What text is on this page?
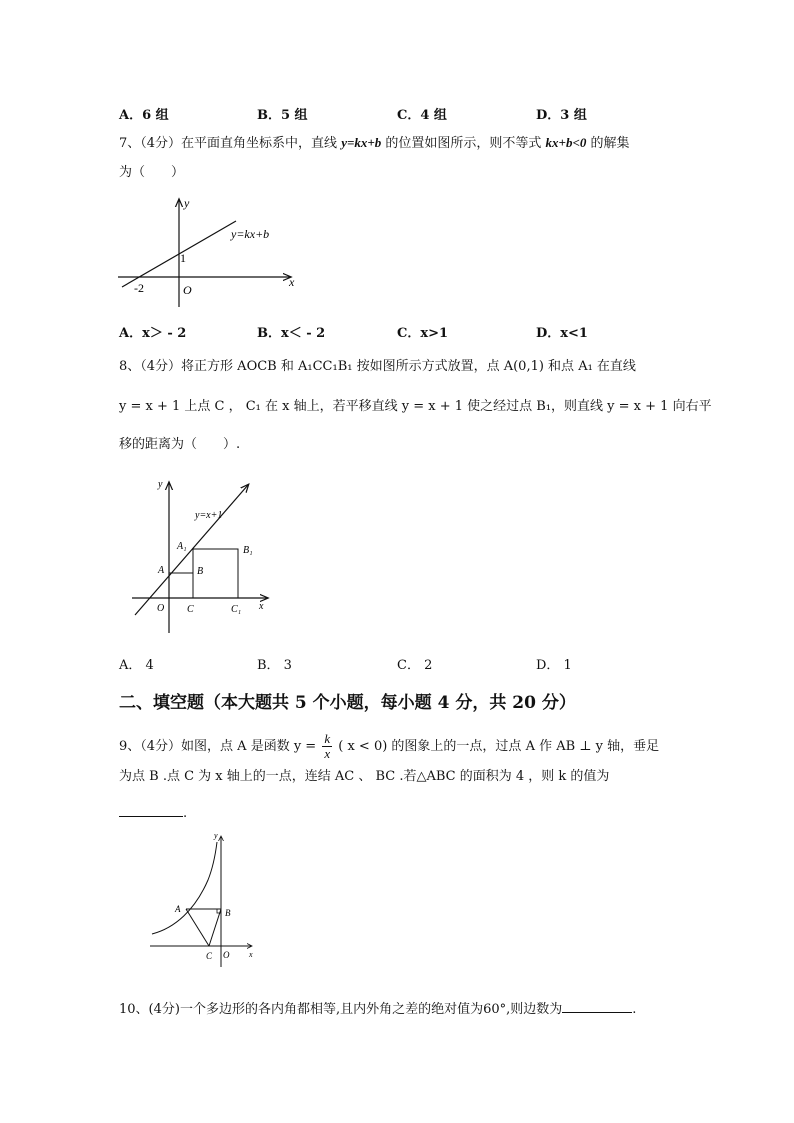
A．6 组	B．5 组	C．4 组	D．3 组
7、（4分）在平面直角坐标系中，直线 y=kx+b 的位置如图所示，则不等式 kx+b<0 的解集
为（　　）
y
x
y=kx+b
1
-2	O
A．x＞ - 2	B．x＜ - 2	C．x>1	D．x<1
8、（4分）将正方形 AOCB 和 A₁CC₁B₁ 按如图所示方式放置，点 A(0,1) 和点 A₁ 在直线
y = x + 1 上点 C ， C₁ 在 x 轴上，若平移直线 y = x + 1 使之经过点 B₁，则直线 y = x + 1 向右平
移的距离为（　　）.
y
x
y=x+1
A₁	B₁
A	B
O C	C₁
A． 4	B． 3	C． 2	D． 1
二、填空题（本大题共 5 个小题，每小题 4 分，共 20 分）
9、（4分）如图，点 A 是函数 $y = \frac{k}{x}$ ( x < 0) 的图象上的一点，过点 A 作 AB ⊥ y 轴，垂足
为点 B .点 C 为 x 轴上的一点，连结 AC 、 BC .若△ABC 的面积为 4 ，则 k 的值为
.
y
x
A	B
C O
10、(4分)一个多边形的各内角都相等,且内外角之差的绝对值为60°,则边数为	.
